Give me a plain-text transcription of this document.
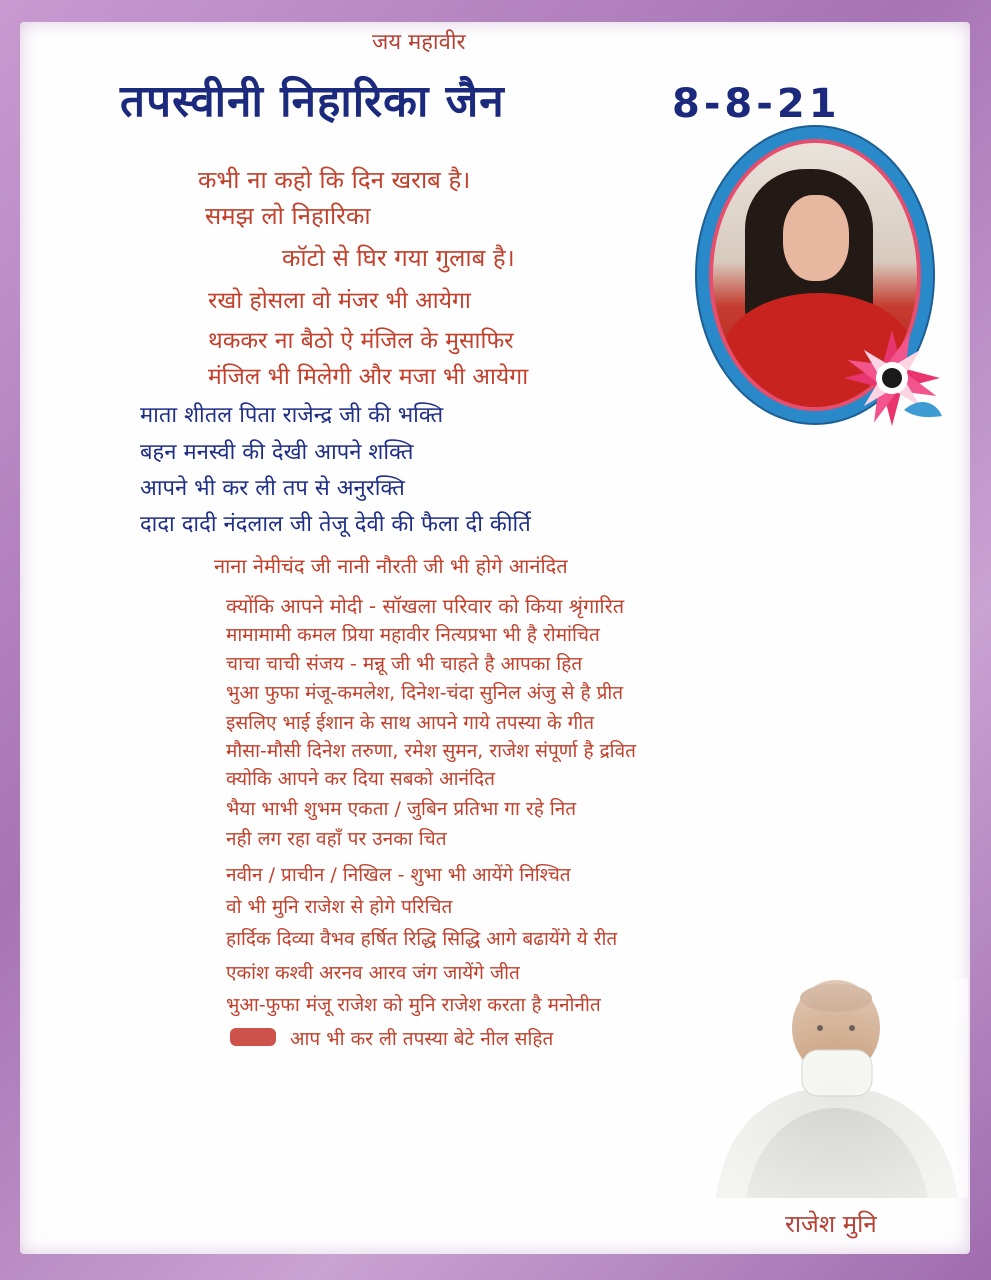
जय महावीर
तपस्वीनी निहारिका जैन	8-8-21
कभी ना कहो कि दिन खराब है।
समझ लो निहारिका
कॉटो से घिर गया गुलाब है।
रखो होसला वो मंजर भी आयेगा
थककर ना बैठो ऐ मंजिल के मुसाफिर
मंजिल भी मिलेगी और मजा भी आयेगा
माता शीतल पिता राजेन्द्र जी की भक्ति
बहन मनस्वी की देखी आपने शक्ति
आपने भी कर ली तप से अनुरक्ति
दादा दादी नंदलाल जी तेजू देवी की फैला दी कीर्ति
नाना नेमीचंद जी नानी नौरती जी भी होगे आनंदित
क्योंकि आपने मोदी - सॉखला परिवार को किया श्रृंगारित
मामामामी कमल प्रिया महावीर नित्यप्रभा भी है रोमांचित
चाचा चाची संजय - मन्नू जी भी चाहते है आपका हित
भुआ फुफा मंजू-कमलेश, दिनेश-चंदा सुनिल अंजु से है प्रीत
इसलिए भाई ईशान के साथ आपने गाये तपस्या के गीत
मौसा-मौसी दिनेश तरुणा, रमेश सुमन, राजेश संपूर्णा है द्रवित
क्योकि आपने कर दिया सबको आनंदित
भैया भाभी शुभम एकता / जुबिन प्रतिभा गा रहे नित
नही लग रहा वहाँ पर उनका चित
नवीन / प्राचीन / निखिल - शुभा भी आयेंगे निश्चित
वो भी मुनि राजेश से होगे परिचित
हार्दिक दिव्या वैभव हर्षित रिद्धि सिद्धि आगे बढायेंगे ये रीत
एकांश कश्वी अरनव आरव जंग जायेंगे जीत
भुआ-फुफा मंजू राजेश को मुनि राजेश करता है मनोनीत
आप भी कर ली तपस्या बेटे नील सहित
राजेश मुनि
